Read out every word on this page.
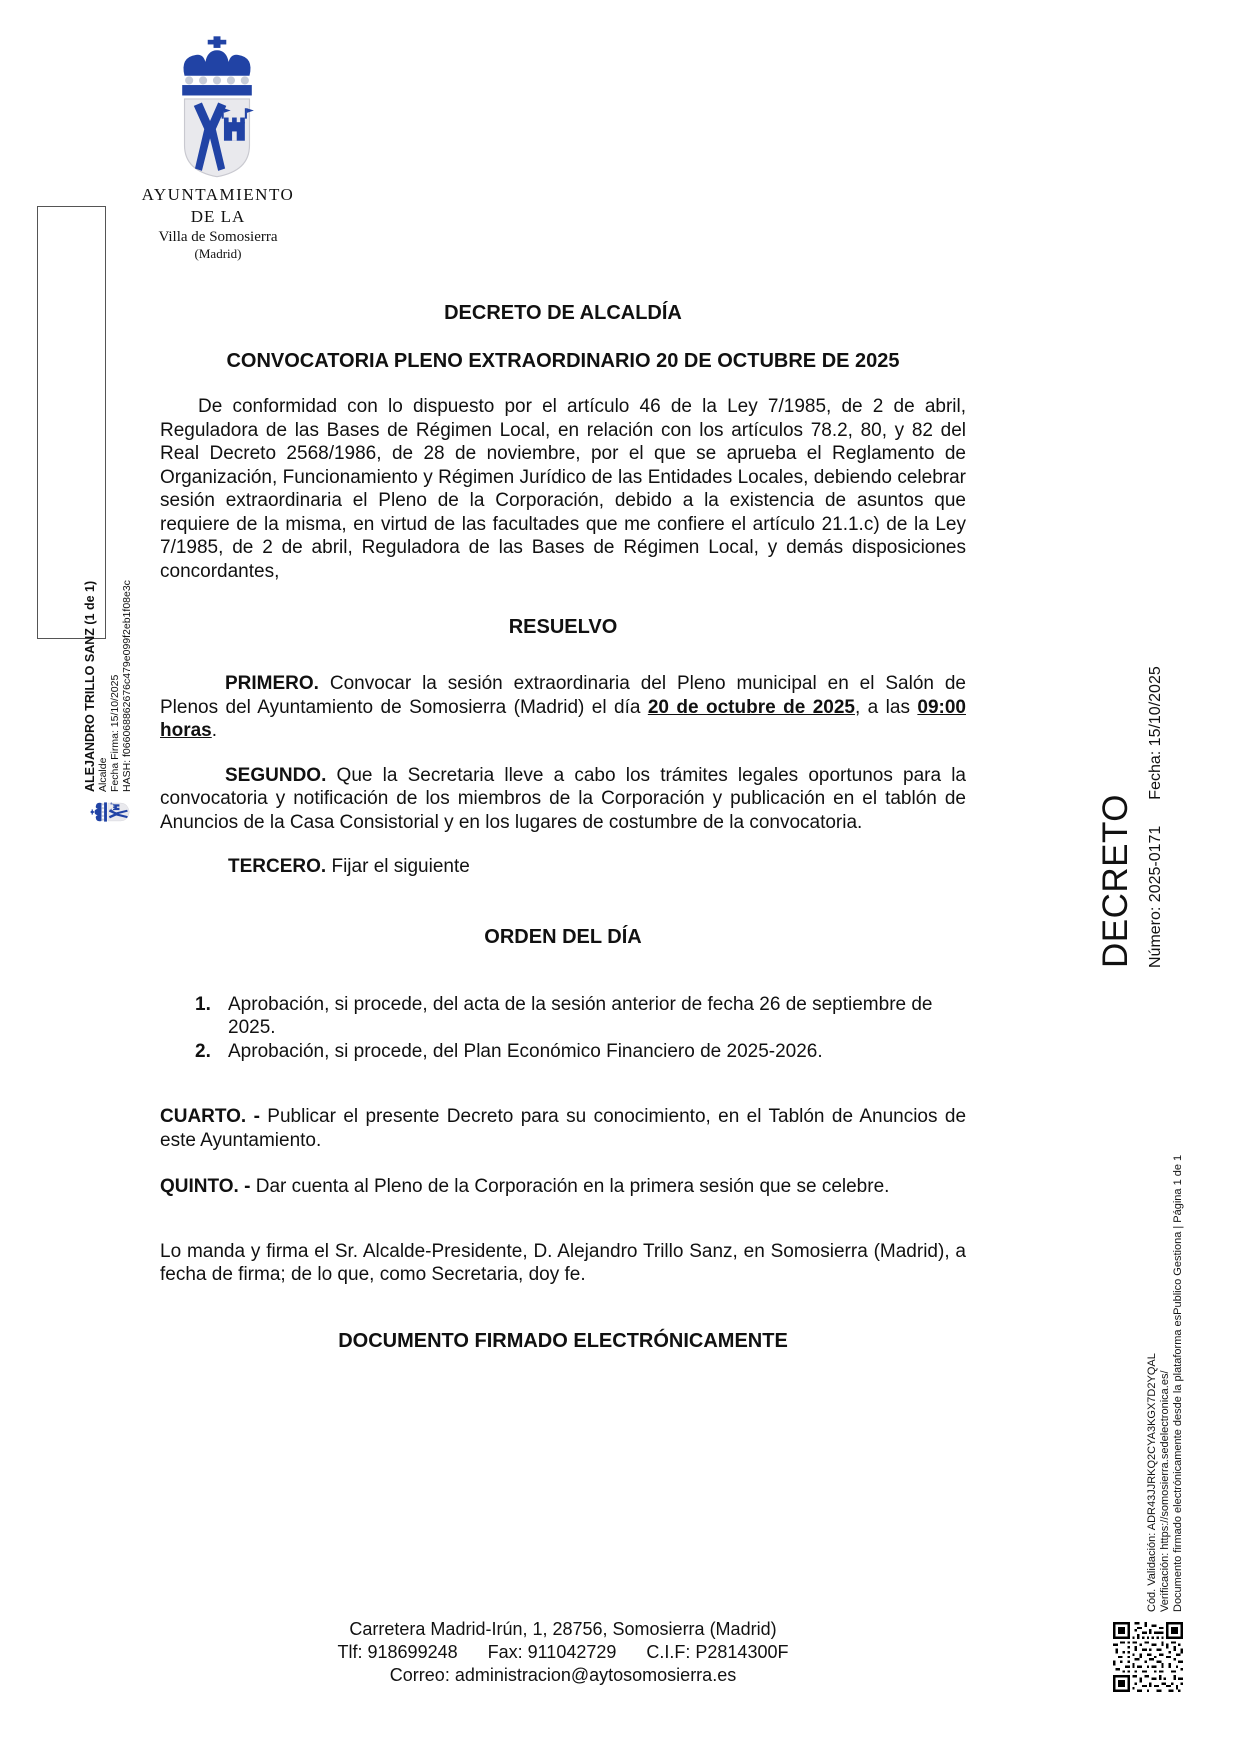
ALEJANDRO TRILLO SANZ (1 de 1) Alcalde Fecha Firma: 15/10/2025 HASH: f066068862676c479e099f2eb1f08e3c
AYUNTAMIENTO
DE LA
Villa de Somosierra
(Madrid)
DECRETO DE ALCALDÍA
CONVOCATORIA PLENO EXTRAORDINARIO 20 DE OCTUBRE DE 2025

De conformidad con lo dispuesto por el artículo 46 de la Ley 7/1985, de 2 de abril, Reguladora de las Bases de Régimen Local, en relación con los artículos 78.2, 80, y 82 del Real Decreto 2568/1986, de 28 de noviembre, por el que se aprueba el Reglamento de Organización, Funcionamiento y Régimen Jurídico de las Entidades Locales, debiendo celebrar sesión extraordinaria el Pleno de la Corporación, debido a la existencia de asuntos que requiere de la misma, en virtud de las facultades que me confiere el artículo 21.1.c) de la Ley 7/1985, de 2 de abril, Reguladora de las Bases de Régimen Local, y demás disposiciones concordantes,

RESUELVO

PRIMERO. Convocar la sesión extraordinaria del Pleno municipal en el Salón de Plenos del Ayuntamiento de Somosierra (Madrid) el día 20 de octubre de 2025, a las 09:00 horas.

SEGUNDO. Que la Secretaria lleve a cabo los trámites legales oportunos para la convocatoria y notificación de los miembros de la Corporación y publicación en el tablón de Anuncios de la Casa Consistorial y en los lugares de costumbre de la convocatoria.

TERCERO. Fijar el siguiente

ORDEN DEL DÍA
1. Aprobación, si procede, del acta de la sesión anterior de fecha 26 de septiembre de 2025.
2. Aprobación, si procede, del Plan Económico Financiero de 2025-2026.

CUARTO. - Publicar el presente Decreto para su conocimiento, en el Tablón de Anuncios de este Ayuntamiento.

QUINTO. - Dar cuenta al Pleno de la Corporación en la primera sesión que se celebre.

Lo manda y firma el Sr. Alcalde-Presidente, D. Alejandro Trillo Sanz, en Somosierra (Madrid), a fecha de firma; de lo que, como Secretaria, doy fe.

DOCUMENTO FIRMADO ELECTRÓNICAMENTE
Carretera Madrid-Irún, 1, 28756, Somosierra (Madrid)
Tlf: 918699248 Fax: 911042729 C.I.F: P2814300F
Correo: administracion@aytosomosierra.es
DECRETO Número: 2025-0171
Fecha: 15/10/2025
Cód. Validación: ADR43JJRKQ2CYA3KGX7D2YQAL Verificación: https://somosierra.sedelectronica.es/ Documento firmado electrónicamente desde la plataforma esPublico Gestiona | Página 1 de 1
